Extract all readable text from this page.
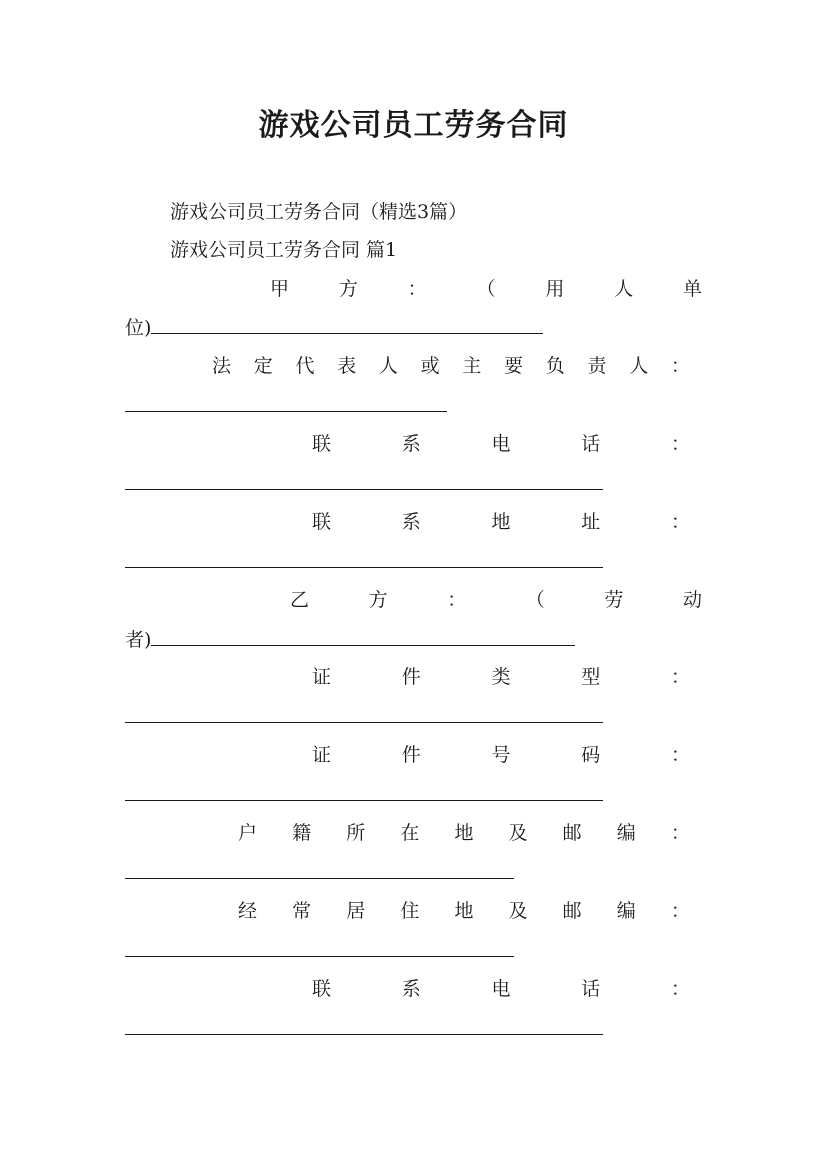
游戏公司员工劳务合同
游戏公司员工劳务合同（精选3篇）
游戏公司员工劳务合同 篇1
甲	方	：	（	用	人	单
位)
法 定 代 表 人 或 主 要 负 责 人 ：
联	系	电	话	：
联	系	地	址	：
乙	方	：	（	劳	动
者)
证	件	类	型	：
证	件	号	码	：
户 籍 所 在 地 及 邮 编 ：
经 常 居 住 地 及 邮 编 ：
联	系	电	话	：
